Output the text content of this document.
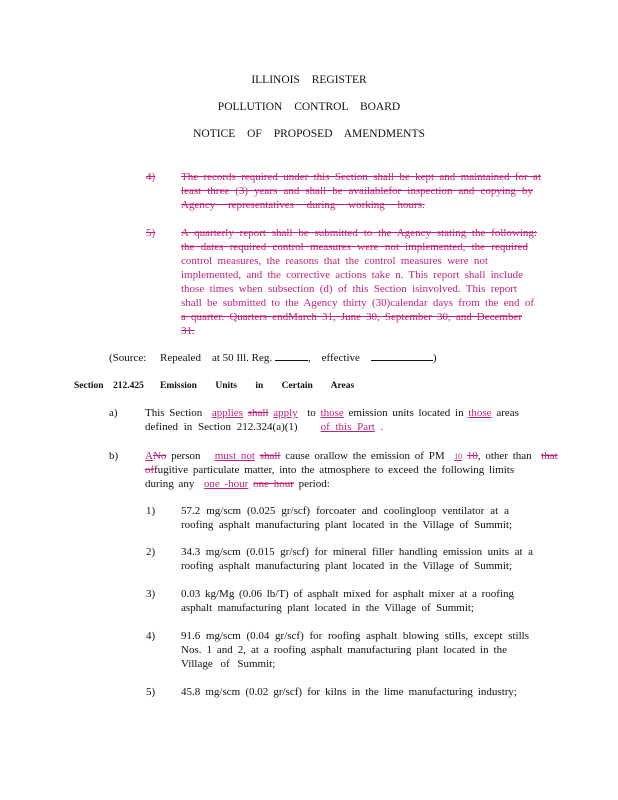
ILLINOIS REGISTER
POLLUTION CONTROL BOARD
NOTICE OF PROPOSED AMENDMENTS
4) The records required under this Section shall be kept and maintained for at
least three (3) years and shall be availablefor inspection and copying by
Agency representatives during working hours.
5) A quarterly report shall be submitted to the Agency stating the following:
the dates required control measures were not implemented, the required
control measures, the reasons that the control measures were not
implemented, and the corrective actions take n. This report shall include
those times when subsection (d) of this Section isinvolved. This report
shall be submitted to the Agency thirty (30)calendar days from the end of
a quarter. Quarters endMarch 31, June 30, September 30, and December
31.
(Source: Repealed at 50 Ill. Reg.	,    effective	)
Section 212.425 Emission Units in Certain Areas
a) This Section applies shall apply to those emission units located in those areas
defined in Section 212.324(a)(1) of this Part .
b) ANo person must not shall cause orallow the emission of PM 10 10, other than that
offugitive particulate matter, into the atmosphere to exceed the following limits
during any one -hour one hour period:
1) 57.2 mg/scm (0.025 gr/scf) forcoater and coolingloop ventilator at a
roofing asphalt manufacturing plant located in the Village of Summit;
2) 34.3 mg/scm (0.015 gr/scf) for mineral filler handling emission units at a
roofing asphalt manufacturing plant located in the Village of Summit;
3) 0.03 kg/Mg (0.06 lb/T) of asphalt mixed for asphalt mixer at a roofing
asphalt manufacturing plant located in the Village of Summit;
4) 91.6 mg/scm (0.04 gr/scf) for roofing asphalt blowing stills, except stills
Nos. 1 and 2, at a roofing asphalt manufacturing plant located in the
Village of Summit;
5) 45.8 mg/scm (0.02 gr/scf) for kilns in the lime manufacturing industry;
